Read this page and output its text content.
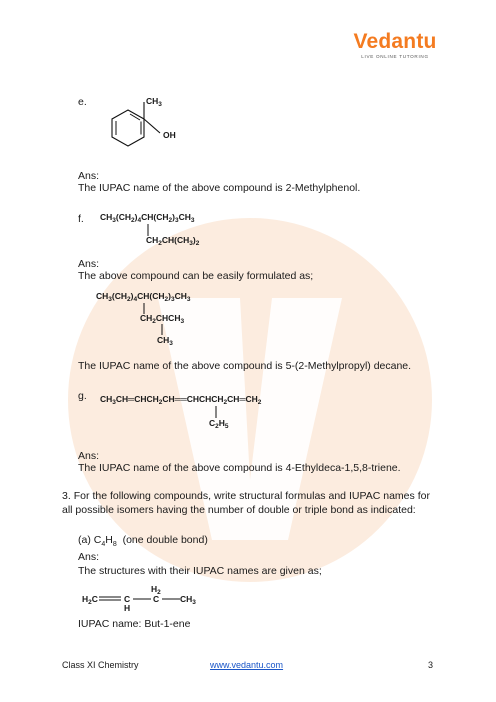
Vedantu
LIVE ONLINE TUTORING
e.	$CH_3$
OH
Ans:
The IUPAC name of the above compound is 2-Methylphenol.
f. $CH_3(CH_2)_4CH(CH_2)_3CH_3$
$CH_2CH(CH_3)_2$
Ans:
The above compound can be easily formulated as;
$CH_3(CH_2)_4CH(CH_2)_3CH_3$
$CH_2CHCH_3$
$CH_3$
The IUPAC name of the above compound is 5-(2-Methylpropyl) decane.
g. $CH_3CH═CHCH_2CH══CHCHCH_2CH═CH_2$
$C_2H_5$
Ans:
The IUPAC name of the above compound is 4-Ethyldeca-1,5,8-triene.
3. For the following compounds, write structural formulas and IUPAC names for all possible isomers having the number of double or triple bond as indicated:
(a) $C_4H_8$  (one double bond)
Ans:
The structures with their IUPAC names are given as;
$H_2C$	C
H
$H_2$
C $CH_3$
IUPAC name: But-1-ene
Class XI Chemistry	www.vedantu.com	3
